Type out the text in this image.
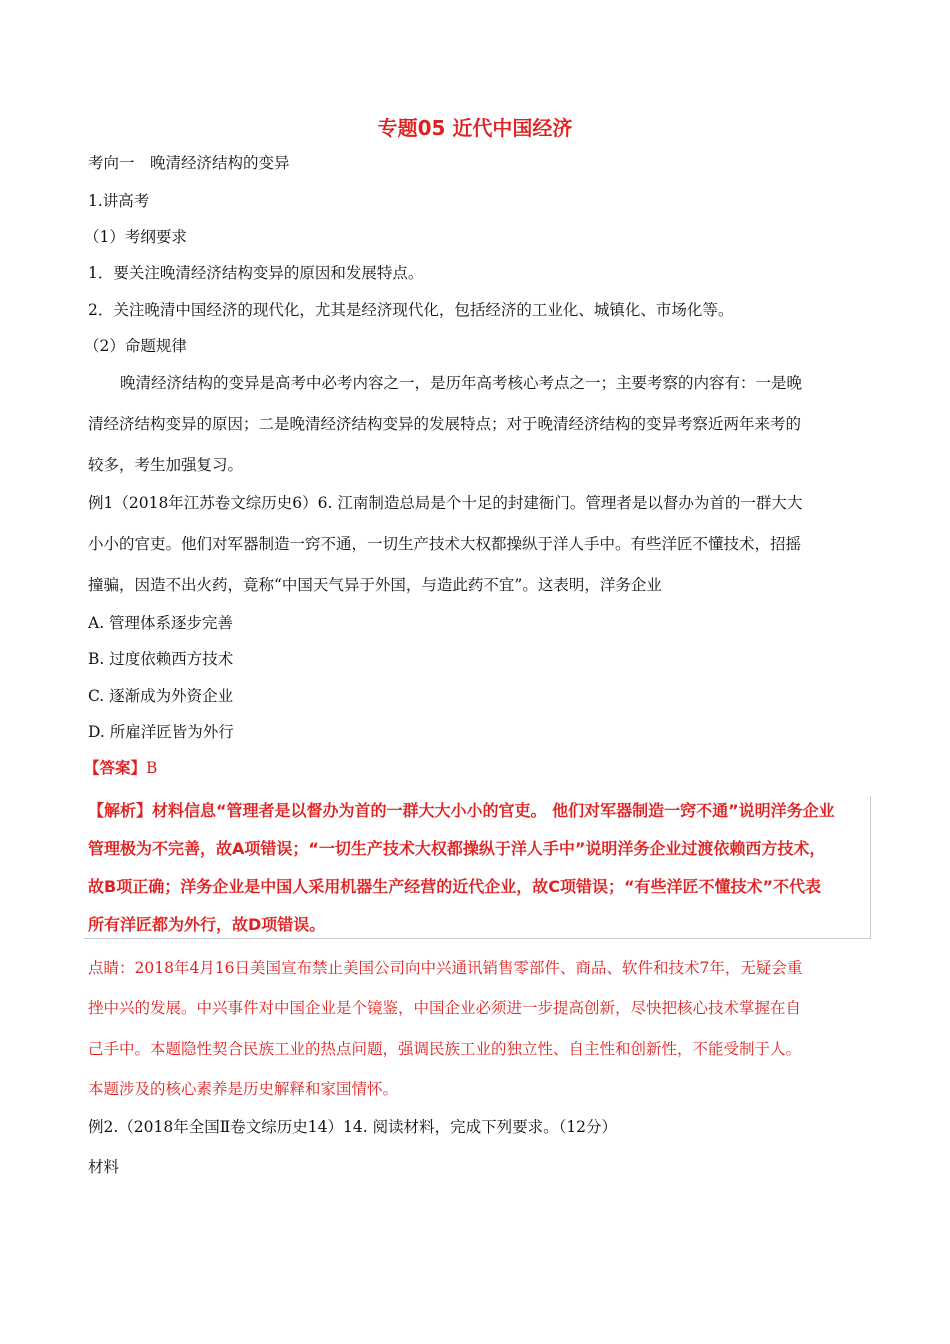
专题05 近代中国经济
考向一　晚清经济结构的变异
1.讲高考
（1）考纲要求
1．要关注晚清经济结构变异的原因和发展特点。
2．关注晚清中国经济的现代化，尤其是经济现代化，包括经济的工业化、城镇化、市场化等。
（2）命题规律
晚清经济结构的变异是高考中必考内容之一，是历年高考核心考点之一；主要考察的内容有：一是晚
清经济结构变异的原因；二是晚清经济结构变异的发展特点；对于晚清经济结构的变异考察近两年来考的
较多，考生加强复习。
例1（2018年江苏卷文综历史6）6. 江南制造总局是个十足的封建衙门。管理者是以督办为首的一群大大
小小的官吏。他们对军器制造一窍不通，一切生产技术大权都操纵于洋人手中。有些洋匠不懂技术，招摇
撞骗，因造不出火药，竟称“中国天气异于外国，与造此药不宜”。这表明，洋务企业
A. 管理体系逐步完善
B. 过度依赖西方技术
C. 逐渐成为外资企业
D. 所雇洋匠皆为外行
【答案】B
【解析】材料信息“管理者是以督办为首的一群大大小小的官吏。 他们对军器制造一窍不通”说明洋务企业
管理极为不完善，故A项错误；“一切生产技术大权都操纵于洋人手中”说明洋务企业过渡依赖西方技术，
故B项正确；洋务企业是中国人采用机器生产经营的近代企业，故C项错误；“有些洋匠不懂技术”不代表
所有洋匠都为外行，故D项错误。
点睛：2018年4月16日美国宣布禁止美国公司向中兴通讯销售零部件、商品、软件和技术7年，无疑会重
挫中兴的发展。中兴事件对中国企业是个镜鉴，中国企业必须进一步提高创新，尽快把核心技术掌握在自
己手中。本题隐性契合民族工业的热点问题，强调民族工业的独立性、自主性和创新性，不能受制于人。
本题涉及的核心素养是历史解释和家国情怀。
例2.（2018年全国Ⅱ卷文综历史14）14. 阅读材料，完成下列要求。（12分）
材料
